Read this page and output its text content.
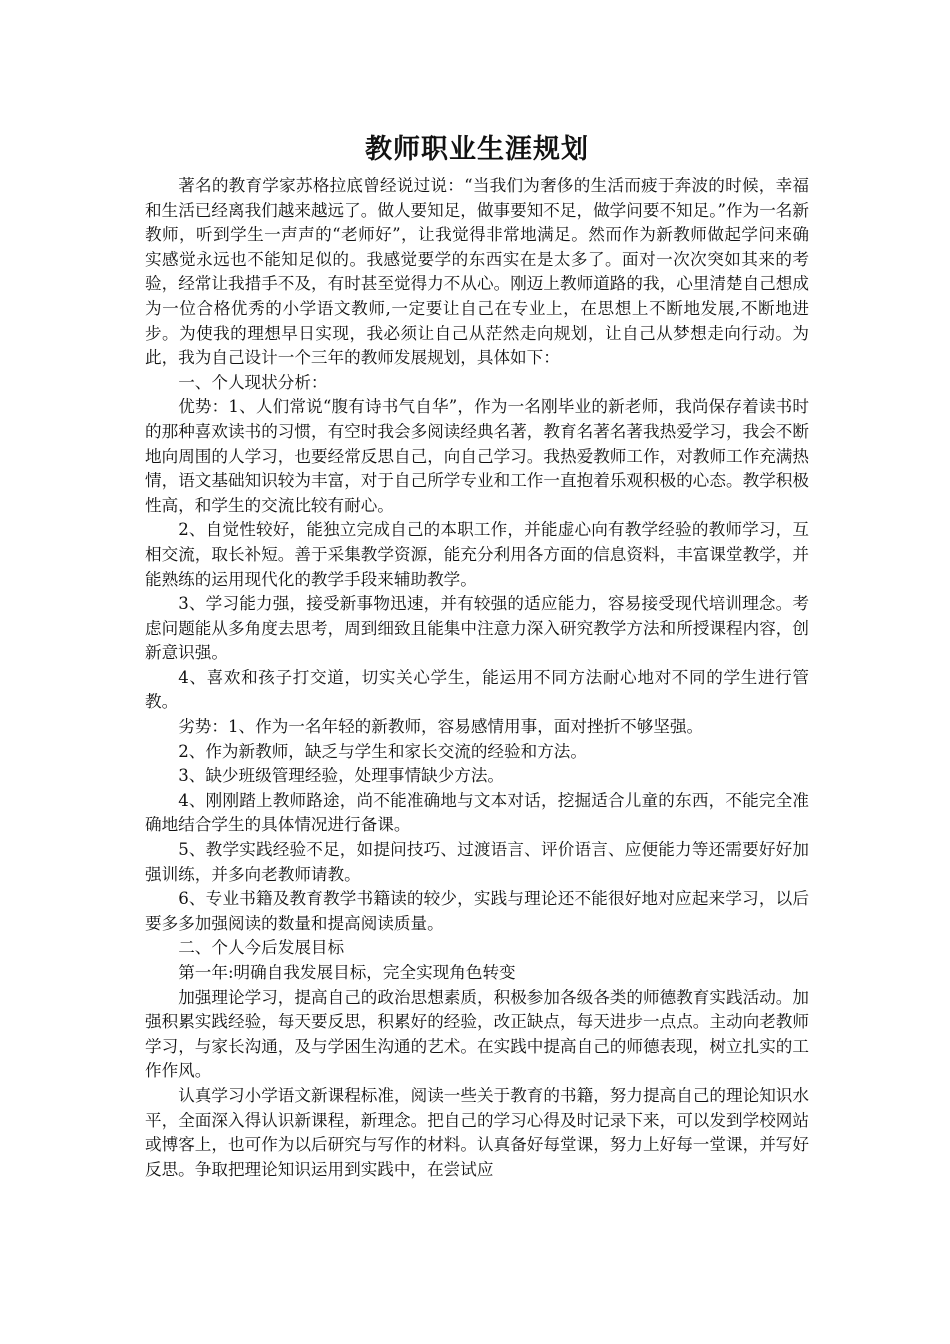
教师职业生涯规划

著名的教育学家苏格拉底曾经说过说：“当我们为奢侈的生活而疲于奔波的时候，幸福和生活已经离我们越来越远了。做人要知足，做事要知不足，做学问要不知足。”作为一名新教师，听到学生一声声的“老师好”，让我觉得非常地满足。然而作为新教师做起学问来确实感觉永远也不能知足似的。我感觉要学的东西实在是太多了。面对一次次突如其来的考验，经常让我措手不及，有时甚至觉得力不从心。刚迈上教师道路的我，心里清楚自己想成为一位合格优秀的小学语文教师,一定要让自己在专业上，在思想上不断地发展,不断地进步。为使我的理想早日实现，我必须让自己从茫然走向规划，让自己从梦想走向行动。为此，我为自己设计一个三年的教师发展规划，具体如下：

一、个人现状分析：

优势：1、人们常说“腹有诗书气自华”，作为一名刚毕业的新老师，我尚保存着读书时的那种喜欢读书的习惯，有空时我会多阅读经典名著，教育名著名著我热爱学习，我会不断地向周围的人学习，也要经常反思自己，向自己学习。我热爱教师工作，对教师工作充满热情，语文基础知识较为丰富，对于自己所学专业和工作一直抱着乐观积极的心态。教学积极性高，和学生的交流比较有耐心。

2、自觉性较好，能独立完成自己的本职工作，并能虚心向有教学经验的教师学习，互相交流，取长补短。善于采集教学资源，能充分利用各方面的信息资料，丰富课堂教学，并能熟练的运用现代化的教学手段来辅助教学。

3、学习能力强，接受新事物迅速，并有较强的适应能力，容易接受现代培训理念。考虑问题能从多角度去思考，周到细致且能集中注意力深入研究教学方法和所授课程内容，创新意识强。

4、喜欢和孩子打交道，切实关心学生，能运用不同方法耐心地对不同的学生进行管教。

劣势：1、作为一名年轻的新教师，容易感情用事，面对挫折不够坚强。

2、作为新教师，缺乏与学生和家长交流的经验和方法。

3、缺少班级管理经验，处理事情缺少方法。

4、刚刚踏上教师路途，尚不能准确地与文本对话，挖掘适合儿童的东西，不能完全准确地结合学生的具体情况进行备课。

5、教学实践经验不足，如提问技巧、过渡语言、评价语言、应便能力等还需要好好加强训练，并多向老教师请教。

6、专业书籍及教育教学书籍读的较少，实践与理论还不能很好地对应起来学习，以后要多多加强阅读的数量和提高阅读质量。

二、个人今后发展目标

第一年:明确自我发展目标，完全实现角色转变

加强理论学习，提高自己的政治思想素质，积极参加各级各类的师德教育实践活动。加强积累实践经验，每天要反思，积累好的经验，改正缺点，每天进步一点点。主动向老教师学习，与家长沟通，及与学困生沟通的艺术。在实践中提高自己的师德表现，树立扎实的工作作风。

认真学习小学语文新课程标准，阅读一些关于教育的书籍，努力提高自己的理论知识水平，全面深入得认识新课程，新理念。把自己的学习心得及时记录下来，可以发到学校网站或博客上，也可作为以后研究与写作的材料。认真备好每堂课，努力上好每一堂课，并写好反思。争取把理论知识运用到实践中，在尝试应
